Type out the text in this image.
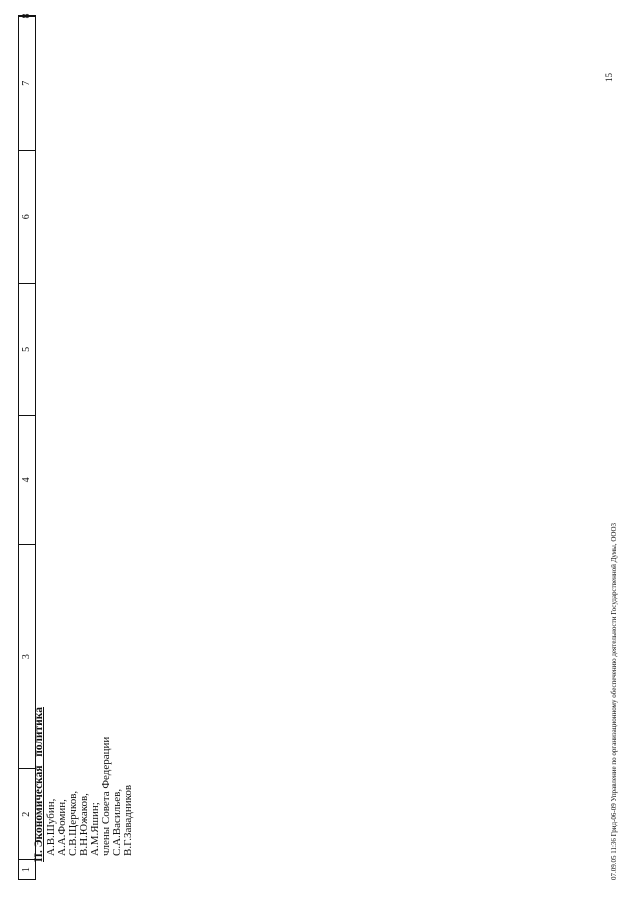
1
2
3
4
5
6
7
8
II. Экономическая   политика А.В.Шубин, А.А.Фомин, С.В.Щерчков, В.Н.Южаков, А.М.Яшин; члены Совета Федерации С.А.Васильев, В.Г.Завадников	07.09.05 11:36 Грид-06-09 Управление по организационному обеспечению деятельности Государственной Думы, ООО3
15
